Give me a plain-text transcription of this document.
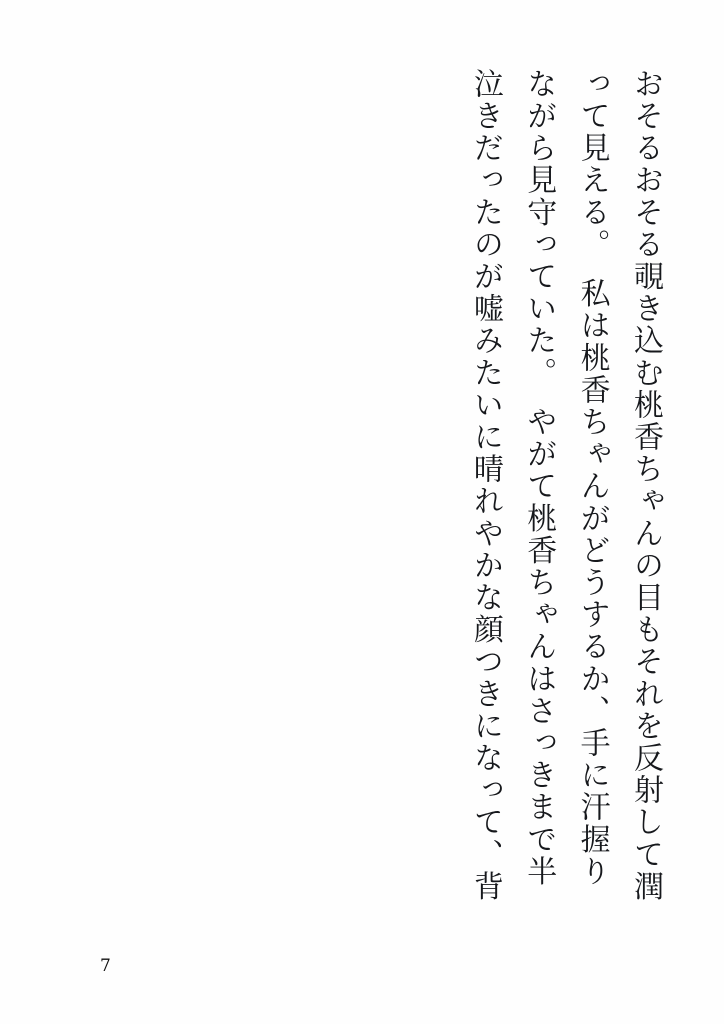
おそるおそる覗き込む桃香ちゃんの目もそれを反射して潤って見える。　私は桃香ちゃんがどうするか、手に汗握りながら見守っていた。　やがて桃香ちゃんはさっきまで半泣きだったのが嘘みたいに晴れやかな顔つきになって、背

7
